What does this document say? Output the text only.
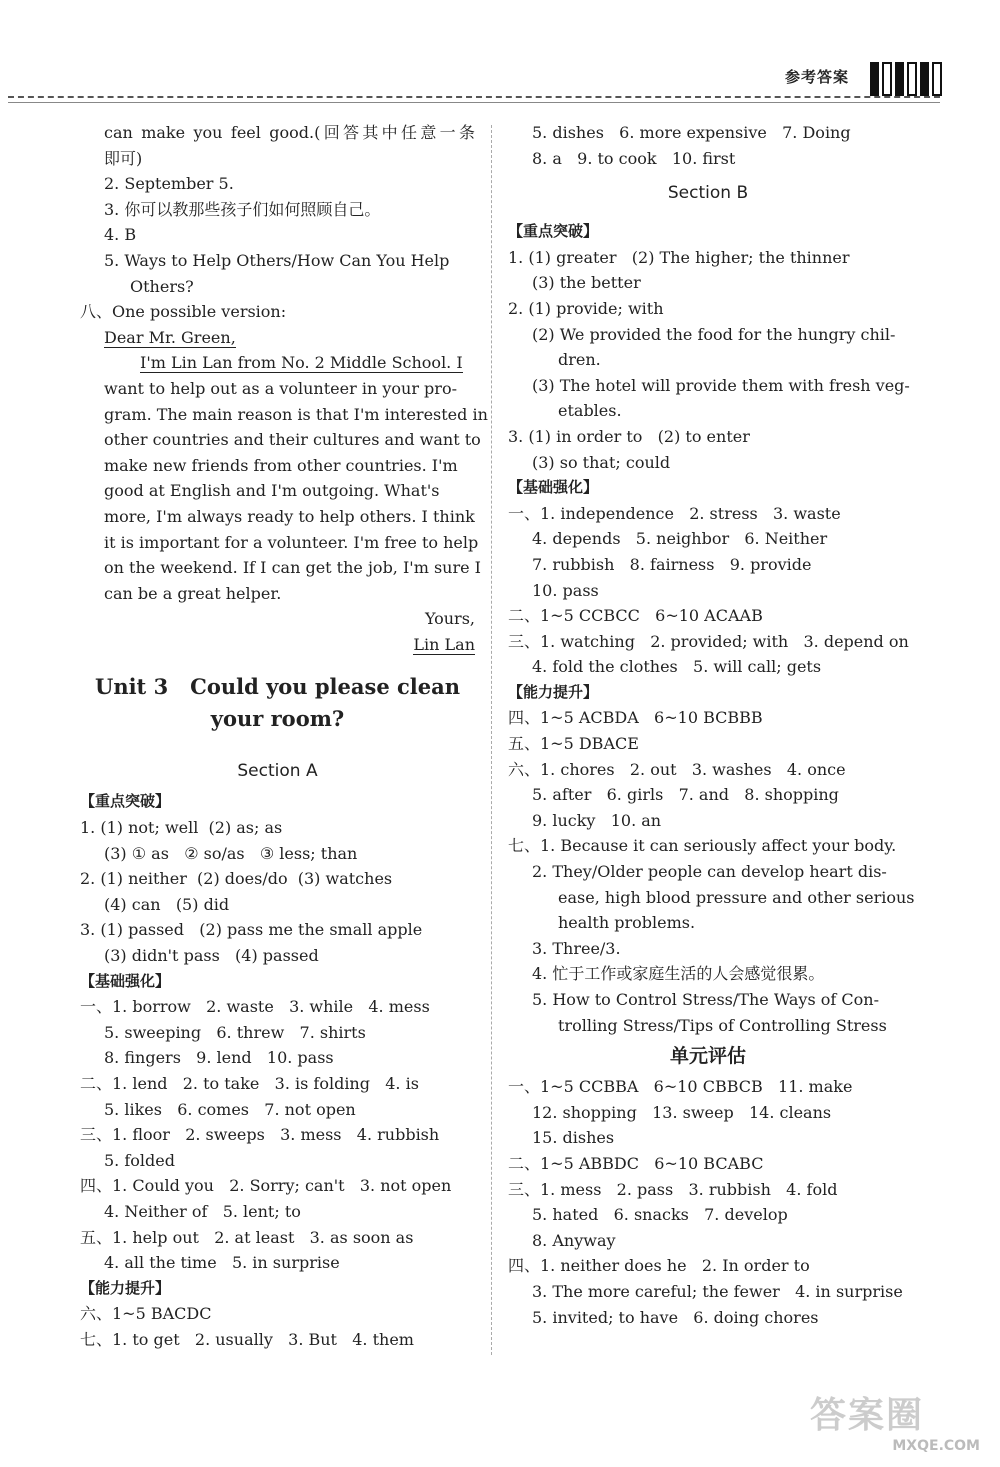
参考答案
can make you feel good.(回答其中任意一条
即可)
2. September 5.
3. 你可以教那些孩子们如何照顾自己。
4. B
5. Ways to Help Others/How Can You Help
Others?
八、One possible version:
Dear Mr. Green,
I'm Lin Lan from No. 2 Middle School. I
want to help out as a volunteer in your pro-
gram. The main reason is that I'm interested in
other countries and their cultures and want to
make new friends from other countries. I'm
good at English and I'm outgoing. What's
more, I'm always ready to help others. I think
it is important for a volunteer. I'm free to help
on the weekend. If I can get the job, I'm sure I
can be a great helper.
Yours,
Lin Lan
Unit 3   Could you please clean
your room?
Section A
【重点突破】
1. (1) not; well  (2) as; as
(3) ① as   ② so/as   ③ less; than
2. (1) neither  (2) does/do  (3) watches
(4) can   (5) did
3. (1) passed   (2) pass me the small apple
(3) didn't pass   (4) passed
【基础强化】
一、1. borrow   2. waste   3. while   4. mess
5. sweeping   6. threw   7. shirts
8. fingers   9. lend   10. pass
二、1. lend   2. to take   3. is folding   4. is
5. likes   6. comes   7. not open
三、1. floor   2. sweeps   3. mess   4. rubbish
5. folded
四、1. Could you   2. Sorry; can't   3. not open
4. Neither of   5. lent; to
五、1. help out   2. at least   3. as soon as
4. all the time   5. in surprise
【能力提升】
六、1~5 BACDC
七、1. to get   2. usually   3. But   4. them
5. dishes   6. more expensive   7. Doing
8. a   9. to cook   10. first
Section B
【重点突破】
1. (1) greater   (2) The higher; the thinner
(3) the better
2. (1) provide; with
(2) We provided the food for the hungry chil-
dren.
(3) The hotel will provide them with fresh veg-
etables.
3. (1) in order to   (2) to enter
(3) so that; could
【基础强化】
一、1. independence   2. stress   3. waste
4. depends   5. neighbor   6. Neither
7. rubbish   8. fairness   9. provide
10. pass
二、1~5 CCBCC   6~10 ACAAB
三、1. watching   2. provided; with   3. depend on
4. fold the clothes   5. will call; gets
【能力提升】
四、1~5 ACBDA   6~10 BCBBB
五、1~5 DBACE
六、1. chores   2. out   3. washes   4. once
5. after   6. girls   7. and   8. shopping
9. lucky   10. an
七、1. Because it can seriously affect your body.
2. They/Older people can develop heart dis-
ease, high blood pressure and other serious
health problems.
3. Three/3.
4. 忙于工作或家庭生活的人会感觉很累。
5. How to Control Stress/The Ways of Con-
trolling Stress/Tips of Controlling Stress
单元评估
一、1~5 CCBBA   6~10 CBBCB   11. make
12. shopping   13. sweep   14. cleans
15. dishes
二、1~5 ABBDC   6~10 BCABC
三、1. mess   2. pass   3. rubbish   4. fold
5. hated   6. snacks   7. develop
8. Anyway
四、1. neither does he   2. In order to
3. The more careful; the fewer   4. in surprise
5. invited; to have   6. doing chores
答案圈
MXQE.COM
